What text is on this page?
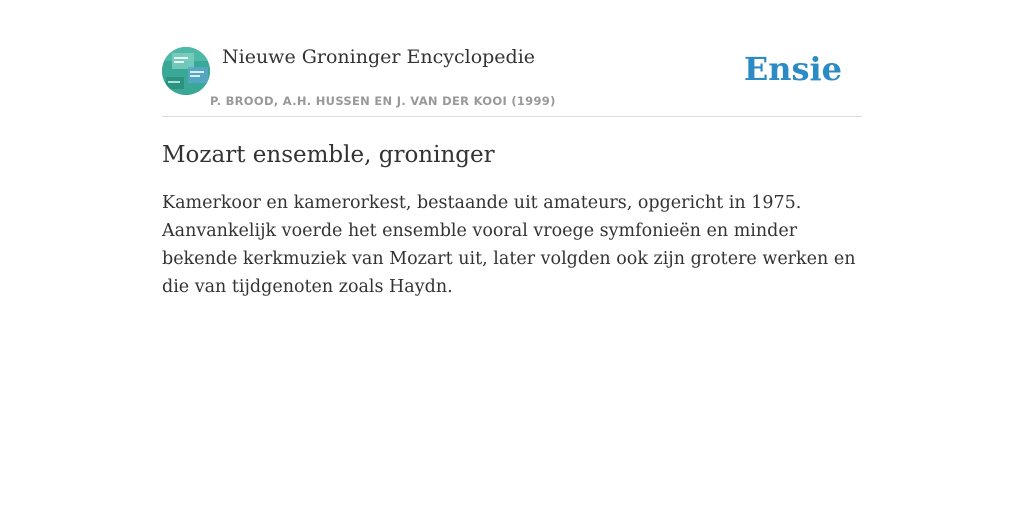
Nieuwe Groninger Encyclopedie
P. BROOD, A.H. HUSSEN EN J. VAN DER KOOI (1999)
Ensie
Mozart ensemble, groninger

Kamerkoor en kamerorkest, bestaande uit amateurs, opgericht in 1975. Aanvankelijk voerde het ensemble vooral vroege symfonieën en minder bekende kerkmuziek van Mozart uit, later volgden ook zijn grotere werken en die van tijdgenoten zoals Haydn.
